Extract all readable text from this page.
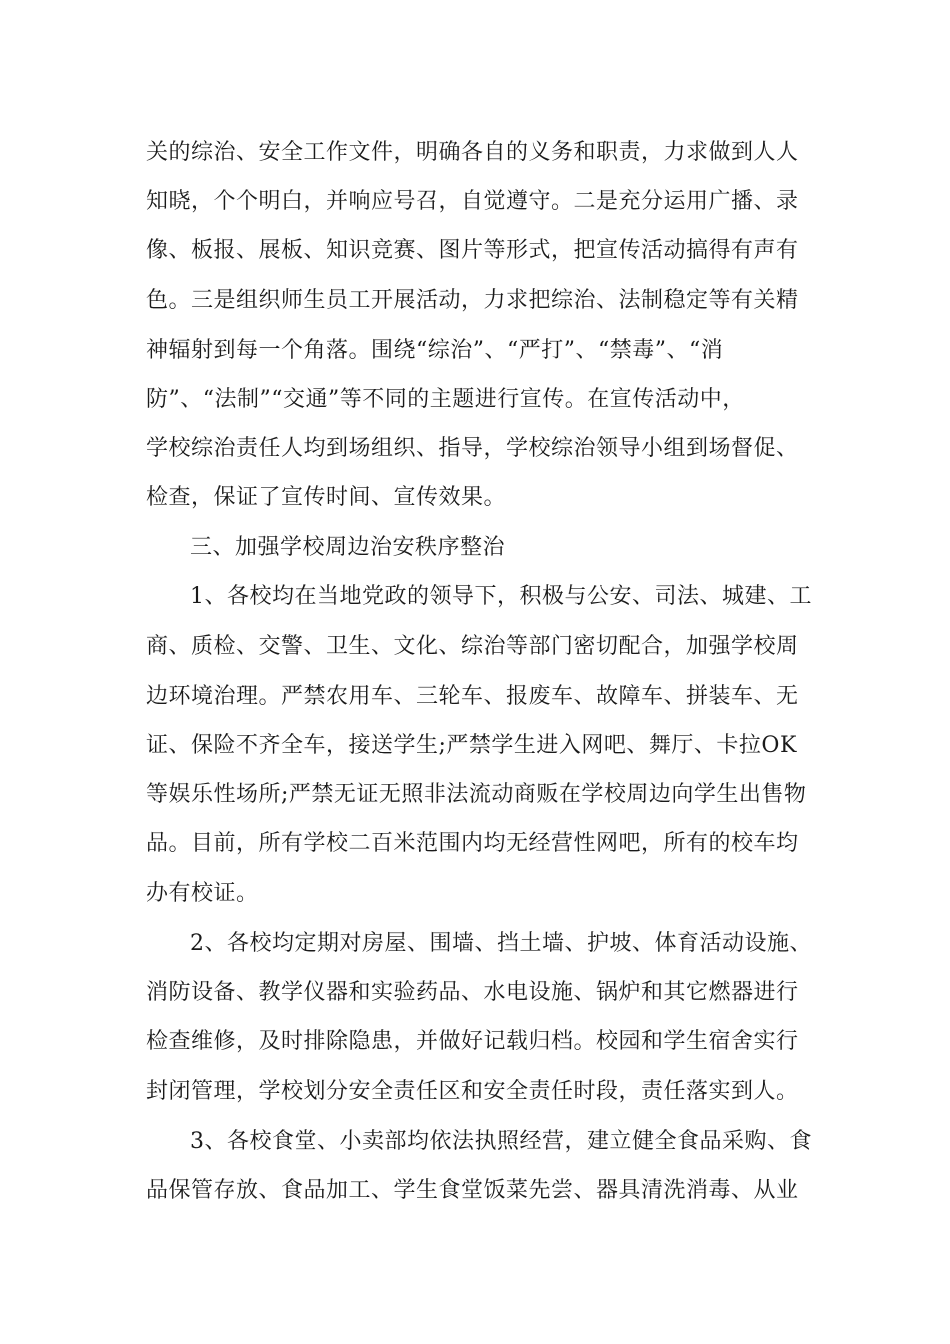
关的综治、安全工作文件，明确各自的义务和职责，力求做到人人
知晓，个个明白，并响应号召，自觉遵守。二是充分运用广播、录
像、板报、展板、知识竞赛、图片等形式，把宣传活动搞得有声有
色。三是组织师生员工开展活动，力求把综治、法制稳定等有关精
神辐射到每一个角落。围绕“综治”、“严打”、“禁毒”、“消
防”、“法制”“交通”等不同的主题进行宣传。在宣传活动中，
学校综治责任人均到场组织、指导，学校综治领导小组到场督促、
检查，保证了宣传时间、宣传效果。
三、加强学校周边治安秩序整治
1、各校均在当地党政的领导下，积极与公安、司法、城建、工
商、质检、交警、卫生、文化、综治等部门密切配合，加强学校周
边环境治理。严禁农用车、三轮车、报废车、故障车、拼装车、无
证、保险不齐全车，接送学生;严禁学生进入网吧、舞厅、卡拉OK
等娱乐性场所;严禁无证无照非法流动商贩在学校周边向学生出售物
品。目前，所有学校二百米范围内均无经营性网吧，所有的校车均
办有校证。
2、各校均定期对房屋、围墙、挡土墙、护坡、体育活动设施、
消防设备、教学仪器和实验药品、水电设施、锅炉和其它燃器进行
检查维修，及时排除隐患，并做好记载归档。校园和学生宿舍实行
封闭管理，学校划分安全责任区和安全责任时段，责任落实到人。
3、各校食堂、小卖部均依法执照经营，建立健全食品采购、食
品保管存放、食品加工、学生食堂饭菜先尝、器具清洗消毒、从业
